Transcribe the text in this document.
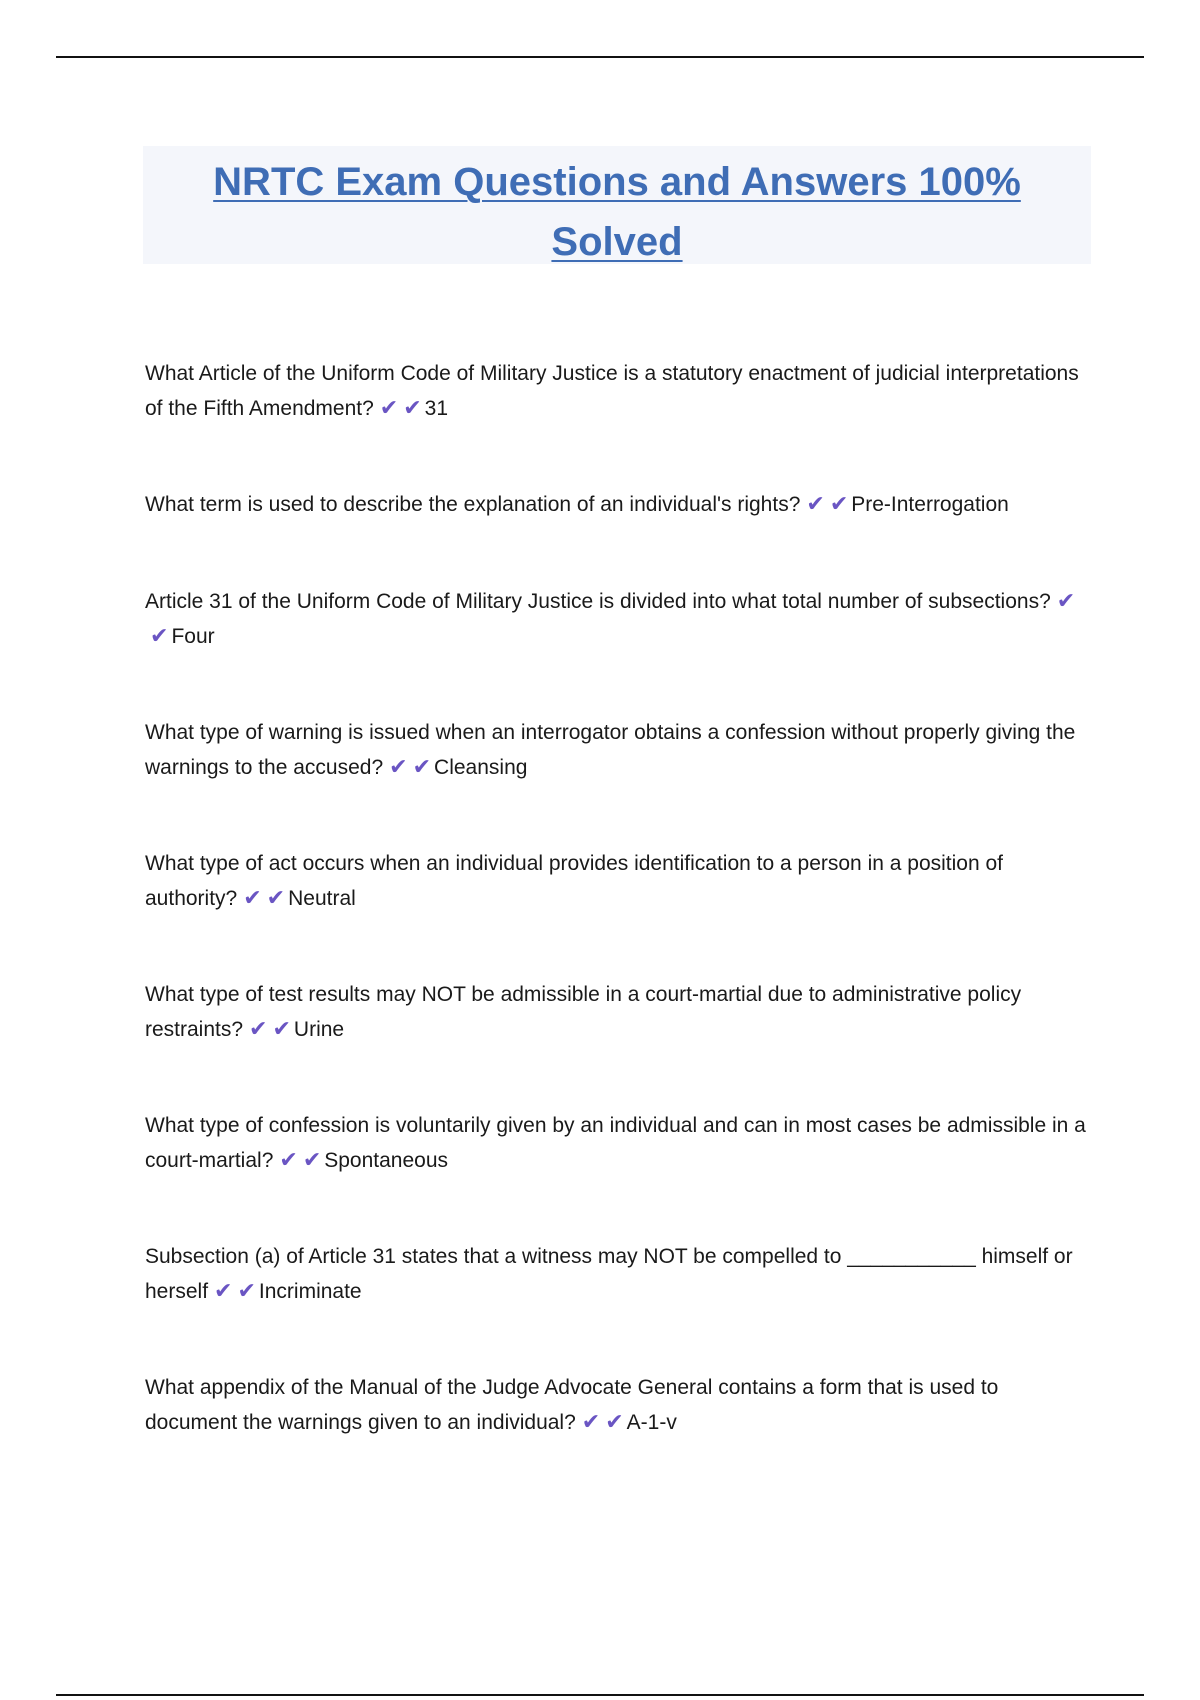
NRTC Exam Questions and Answers 100% Solved
What Article of the Uniform Code of Military Justice is a statutory enactment of judicial interpretations of the Fifth Amendment? ✔ ✔ 31
What term is used to describe the explanation of an individual's rights? ✔ ✔ Pre-Interrogation
Article 31 of the Uniform Code of Military Justice is divided into what total number of subsections? ✔✔ Four
What type of warning is issued when an interrogator obtains a confession without properly giving the warnings to the accused? ✔ ✔ Cleansing
What type of act occurs when an individual provides identification to a person in a position of authority? ✔ ✔ Neutral
What type of test results may NOT be admissible in a court-martial due to administrative policy restraints? ✔ ✔ Urine
What type of confession is voluntarily given by an individual and can in most cases be admissible in a court-martial? ✔ ✔ Spontaneous
Subsection (a) of Article 31 states that a witness may NOT be compelled to ___________ himself or herself ✔ ✔ Incriminate
What appendix of the Manual of the Judge Advocate General contains a form that is used to document the warnings given to an individual? ✔ ✔ A-1-v
